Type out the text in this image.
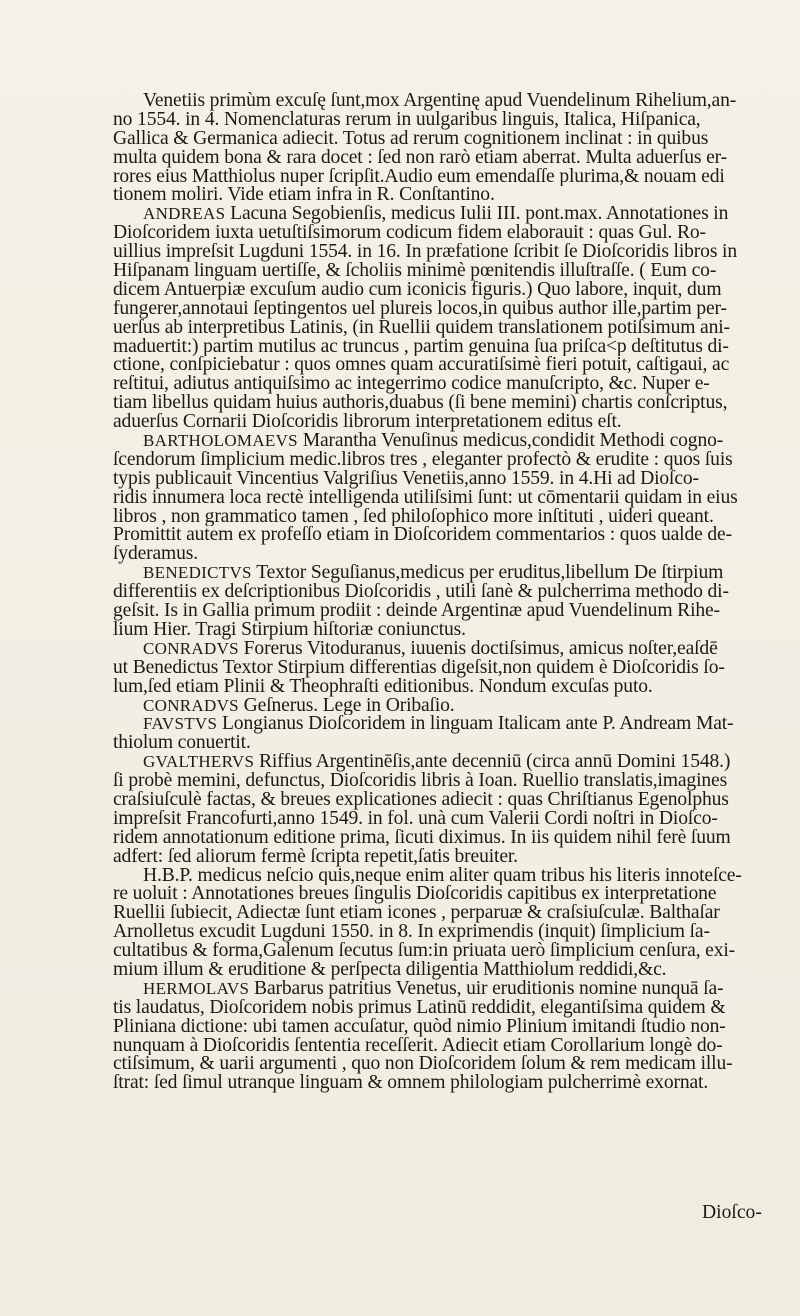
Venetiis primùm excuſę ſunt,mox Argentinę apud Vuendelinum Rihelium,an-
no 1554. in 4. Nomenclaturas rerum in uulgaribus linguis, Italica, Hiſpanica,
Gallica & Germanica adiecit. Totus ad rerum cognitionem inclinat : in quibus
multa quidem bona & rara docet : ſed non rarò etiam aberrat. Multa aduerſus er-
rores eius Matthiolus nuper ſcripſit.Audio eum emendaſſe plurima,& nouam edi
tionem moliri. Vide etiam infra in R. Conſtantino.
ANDREAS Lacuna Segobienſis, medicus Iulii III. pont.max. Annotationes in
Dioſcoridem iuxta uetuſtiſsimorum codicum fidem elaborauit : quas Gul. Ro-
uillius impreſsit Lugduni 1554. in 16. In præfatione ſcribit ſe Dioſcoridis libros in
Hiſpanam linguam uertiſſe, & ſcholiis minimè pœnitendis illuſtraſſe. ( Eum co-
dicem Antuerpiæ excuſum audio cum iconicis figuris.) Quo labore, inquit, dum
fungerer,annotaui ſeptingentos uel plureis locos,in quibus author ille,partim per-
uerſus ab interpretibus Latinis, (in Ruellii quidem translationem potiſsimum ani-
maduertit:) partim mutilus ac truncus , partim genuina ſua priſca<p deſtitutus di-
ctione, conſpiciebatur : quos omnes quam accuratiſsimè fieri potuit, caſtigaui, ac
reſtitui, adiutus antiquiſsimo ac integerrimo codice manuſcripto, &c. Nuper e-
tiam libellus quidam huius authoris,duabus (ſi bene memini) chartis conſcriptus,
aduerſus Cornarii Dioſcoridis librorum interpretationem editus eſt.
BARTHOLOMAEVS Marantha Venuſinus medicus,condidit Methodi cogno-
ſcendorum ſimplicium medic.libros tres , eleganter profectò & erudite : quos ſuis
typis publicauit Vincentius Valgriſius Venetiis,anno 1559. in 4.Hi ad Dioſco-
ridis innumera loca rectè intelligenda utiliſsimi ſunt: ut cōmentarii quidam in eius
libros , non grammatico tamen , ſed philoſophico more inſtituti , uideri queant.
Promittit autem ex profeſſo etiam in Dioſcoridem commentarios : quos ualde de-
ſyderamus.
BENEDICTVS Textor Seguſianus,medicus per eruditus,libellum De ſtirpium
differentiis ex deſcriptionibus Dioſcoridis , utili ſanè & pulcherrima methodo di-
geſsit. Is in Gallia primum prodiit : deinde Argentinæ apud Vuendelinum Rihe-
lium Hier. Tragi Stirpium hiſtoriæ coniunctus.
CONRADVS Forerus Vitoduranus, iuuenis doctiſsimus, amicus noſter,eaſdē
ut Benedictus Textor Stirpium differentias digeſsit,non quidem è Dioſcoridis ſo-
lum,ſed etiam Plinii & Theophraſti editionibus. Nondum excuſas puto.
CONRADVS Geſnerus. Lege in Oribaſio.
FAVSTVS Longianus Dioſcoridem in linguam Italicam ante P. Andream Mat-
thiolum conuertit.
GVALTHERVS Riffius Argentinēſis,ante decenniū (circa annū Domini 1548.)
ſi probè memini, defunctus, Dioſcoridis libris à Ioan. Ruellio translatis,imagines
craſsiuſculè factas, & breues explicationes adiecit : quas Chriſtianus Egenolphus
impreſsit Francofurti,anno 1549. in fol. unà cum Valerii Cordi noſtri in Dioſco-
ridem annotationum editione prima, ſicuti diximus. In iis quidem nihil ferè ſuum
adfert: ſed aliorum fermè ſcripta repetit,ſatis breuiter.
H.B.P. medicus neſcio quis,neque enim aliter quam tribus his literis innoteſce-
re uoluit : Annotationes breues ſingulis Dioſcoridis capitibus ex interpretatione
Ruellii ſubiecit, Adiectæ ſunt etiam icones , perparuæ & craſsiuſculæ. Balthaſar
Arnolletus excudit Lugduni 1550. in 8. In exprimendis (inquit) ſimplicium ſa-
cultatibus & forma,Galenum ſecutus ſum:in priuata uerò ſimplicium cenſura, exi-
mium illum & eruditione & perſpecta diligentia Matthiolum reddidi,&c.
HERMOLAVS Barbarus patritius Venetus, uir eruditionis nomine nunquā ſa-
tis laudatus, Dioſcoridem nobis primus Latinū reddidit, elegantiſsima quidem &
Pliniana dictione: ubi tamen accuſatur, quòd nimio Plinium imitandi ſtudio non-
nunquam à Dioſcoridis ſententia receſſerit. Adiecit etiam Corollarium longè do-
ctiſsimum, & uarii argumenti , quo non Dioſcoridem ſolum & rem medicam illu-
ſtrat: ſed ſimul utranque linguam & omnem philologiam pulcherrimè exornat.
Dioſco-
